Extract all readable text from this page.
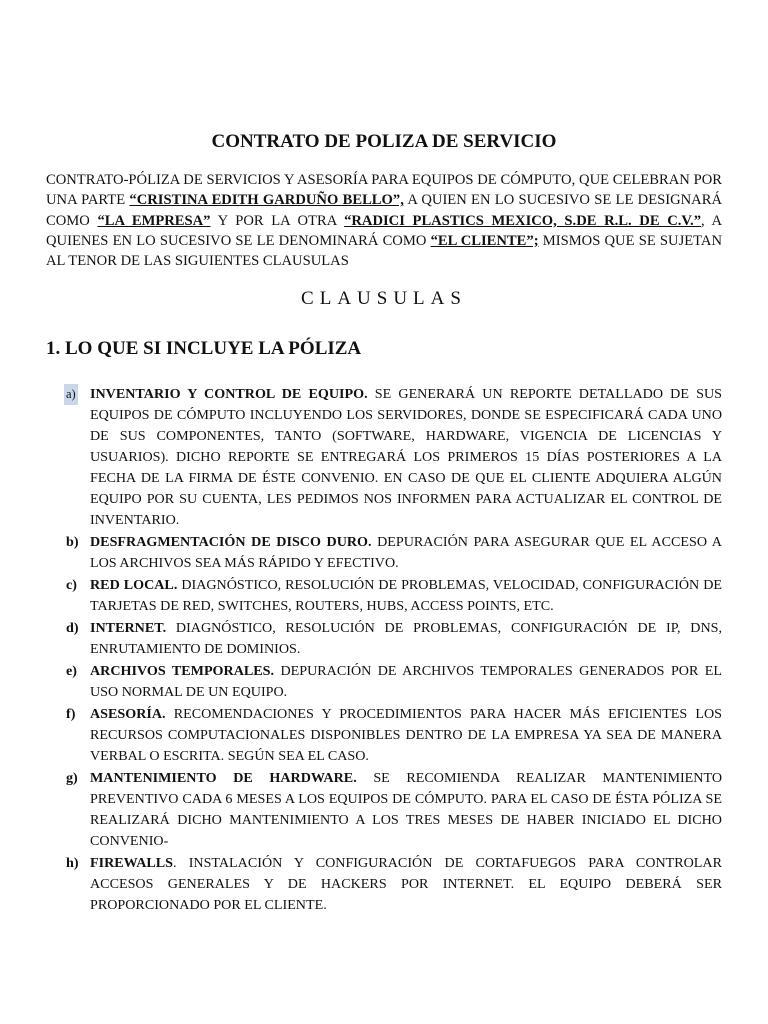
CONTRATO DE POLIZA DE SERVICIO

CONTRATO-PÓLIZA DE SERVICIOS Y ASESORÍA PARA EQUIPOS DE CÓMPUTO, QUE CELEBRAN POR UNA PARTE “CRISTINA EDITH GARDUÑO BELLO”, A QUIEN EN LO SUCESIVO SE LE DESIGNARÁ COMO “LA EMPRESA” Y POR LA OTRA “RADICI PLASTICS MEXICO, S.DE R.L. DE C.V.”, A QUIENES EN LO SUCESIVO SE LE DENOMINARÁ COMO “EL CLIENTE”; MISMOS QUE SE SUJETAN AL TENOR DE LAS SIGUIENTES CLAUSULAS

CLAUSULAS
1. LO QUE SI INCLUYE LA PÓLIZA
a) INVENTARIO Y CONTROL DE EQUIPO. SE GENERARÁ UN REPORTE DETALLADO DE SUS EQUIPOS DE CÓMPUTO INCLUYENDO LOS SERVIDORES, DONDE SE ESPECIFICARÁ CADA UNO DE SUS COMPONENTES, TANTO (SOFTWARE, HARDWARE, VIGENCIA DE LICENCIAS Y USUARIOS). DICHO REPORTE SE ENTREGARÁ LOS PRIMEROS 15 DÍAS POSTERIORES A LA FECHA DE LA FIRMA DE ÉSTE CONVENIO. EN CASO DE QUE EL CLIENTE ADQUIERA ALGÚN EQUIPO POR SU CUENTA, LES PEDIMOS NOS INFORMEN PARA ACTUALIZAR EL CONTROL DE INVENTARIO.
b) DESFRAGMENTACIÓN DE DISCO DURO. DEPURACIÓN PARA ASEGURAR QUE EL ACCESO A LOS ARCHIVOS SEA MÁS RÁPIDO Y EFECTIVO.
c) RED LOCAL. DIAGNÓSTICO, RESOLUCIÓN DE PROBLEMAS, VELOCIDAD, CONFIGURACIÓN DE TARJETAS DE RED, SWITCHES, ROUTERS, HUBS, ACCESS POINTS, ETC.
d) INTERNET. DIAGNÓSTICO, RESOLUCIÓN DE PROBLEMAS, CONFIGURACIÓN DE IP, DNS, ENRUTAMIENTO DE DOMINIOS.
e) ARCHIVOS TEMPORALES. DEPURACIÓN DE ARCHIVOS TEMPORALES GENERADOS POR EL USO NORMAL DE UN EQUIPO.
f) ASESORÍA. RECOMENDACIONES Y PROCEDIMIENTOS PARA HACER MÁS EFICIENTES LOS RECURSOS COMPUTACIONALES DISPONIBLES DENTRO DE LA EMPRESA YA SEA DE MANERA VERBAL O ESCRITA. SEGÚN SEA EL CASO.
g) MANTENIMIENTO DE HARDWARE. SE RECOMIENDA REALIZAR MANTENIMIENTO PREVENTIVO CADA 6 MESES A LOS EQUIPOS DE CÓMPUTO. PARA EL CASO DE ÉSTA PÓLIZA SE REALIZARÁ DICHO MANTENIMIENTO A LOS TRES MESES DE HABER INICIADO EL DICHO CONVENIO-
h) FIREWALLS. INSTALACIÓN Y CONFIGURACIÓN DE CORTAFUEGOS PARA CONTROLAR ACCESOS GENERALES Y DE HACKERS POR INTERNET. EL EQUIPO DEBERÁ SER PROPORCIONADO POR EL CLIENTE.
